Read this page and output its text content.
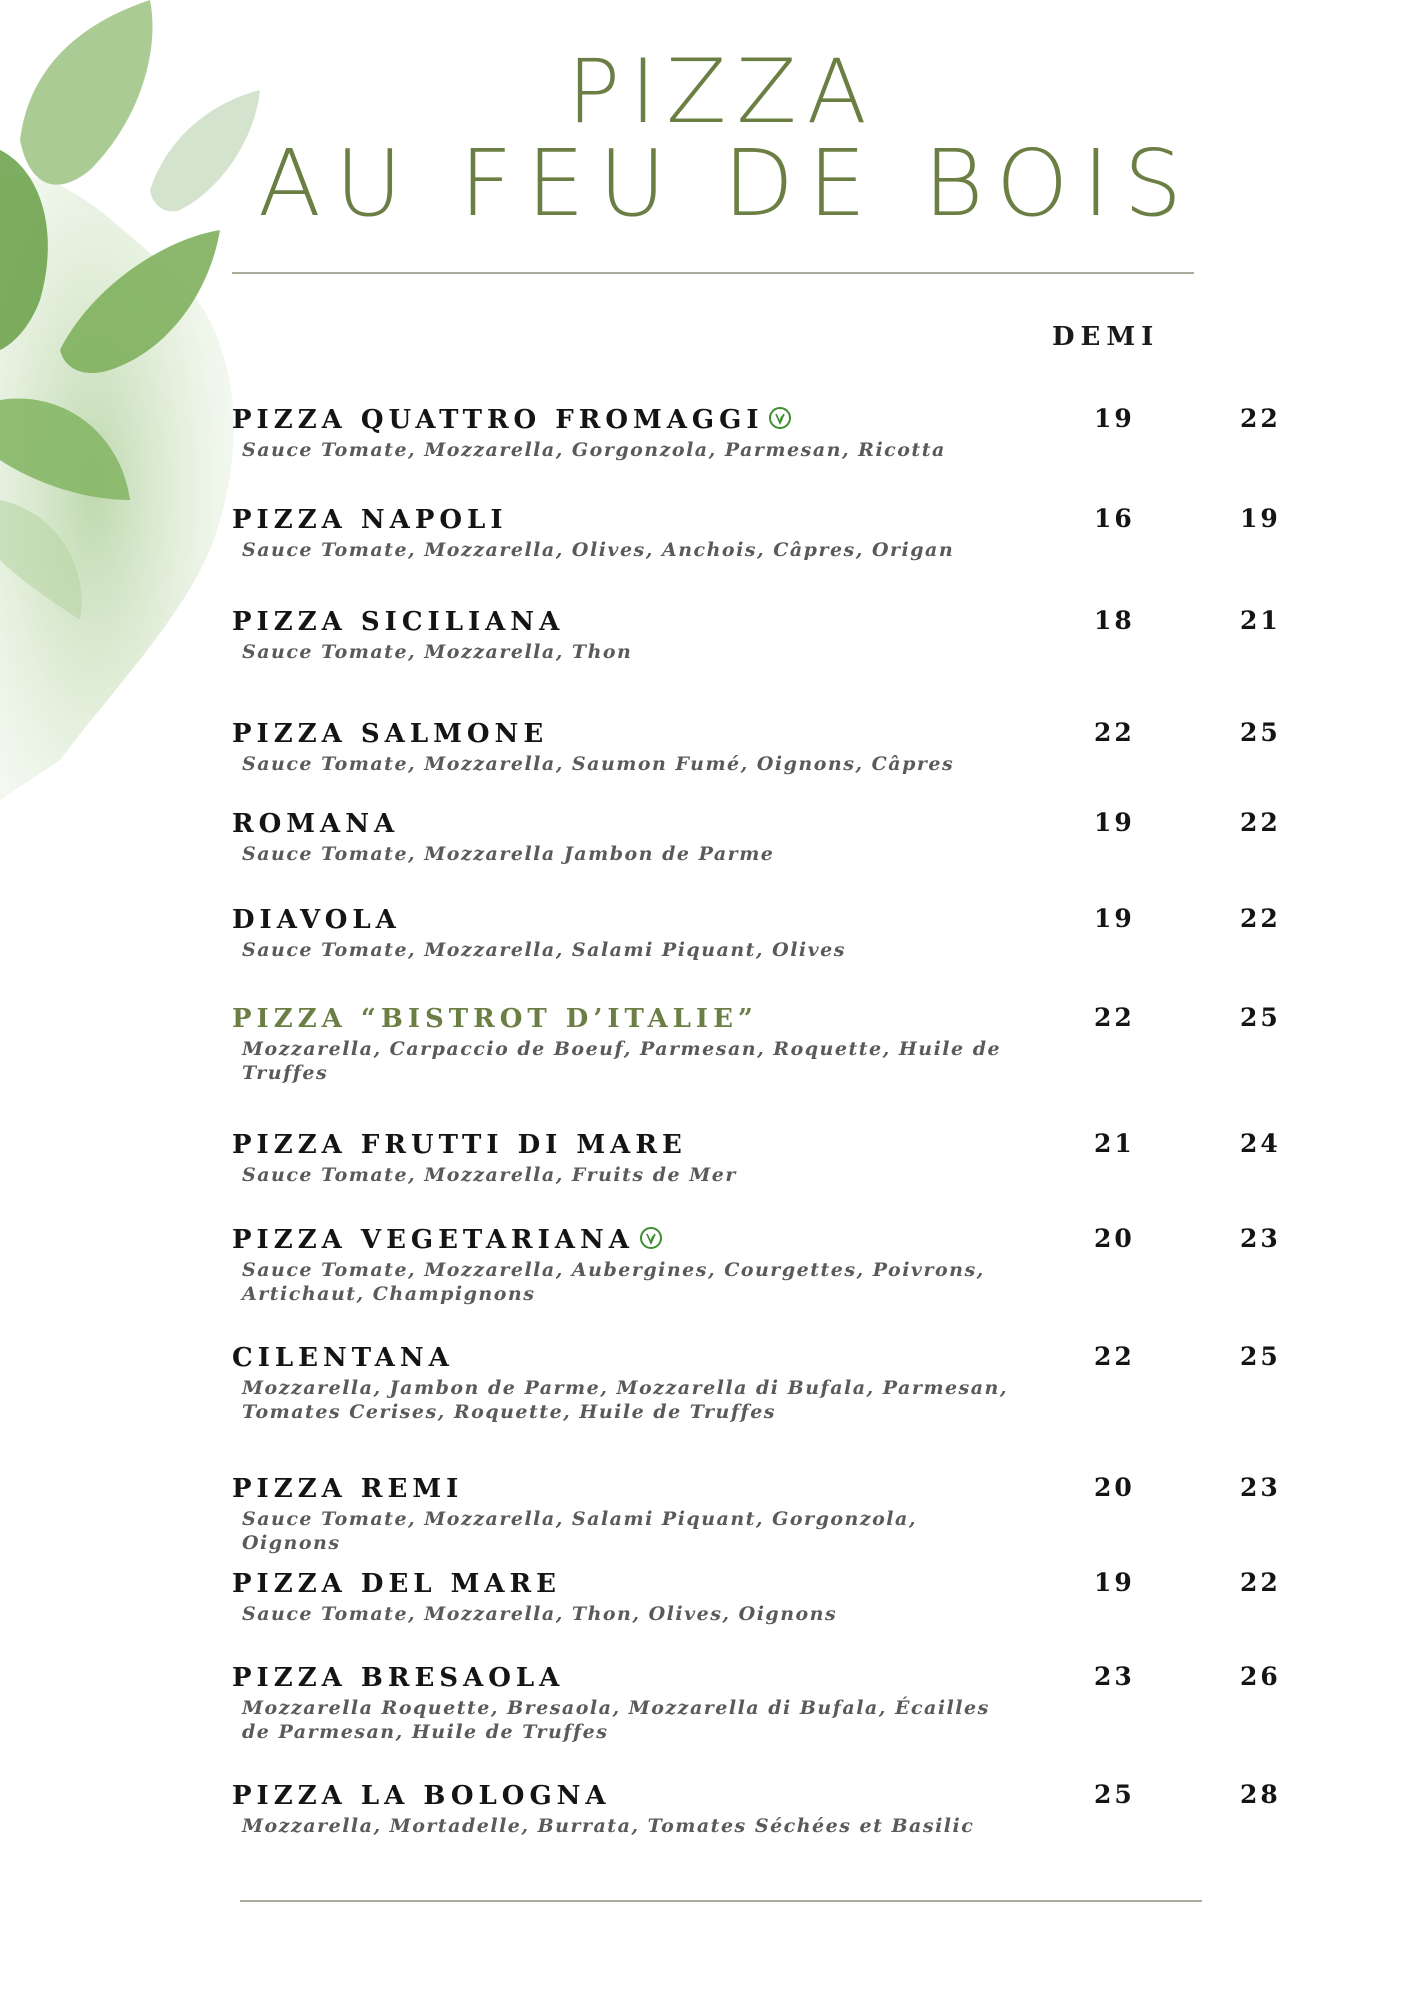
PIZZA
AU FEU DE BOIS
DEMI
PIZZA QUATTRO FROMAGGI
Sauce Tomate, Mozzarella, Gorgonzola, Parmesan, Ricotta
19	22
PIZZA NAPOLI
Sauce Tomate, Mozzarella, Olives, Anchois, Câpres, Origan
16	19
PIZZA SICILIANA
Sauce Tomate, Mozzarella, Thon
18	21
PIZZA SALMONE
Sauce Tomate, Mozzarella, Saumon Fumé, Oignons, Câpres
22	25
ROMANA
Sauce Tomate, Mozzarella Jambon de Parme
19	22
DIAVOLA
Sauce Tomate, Mozzarella, Salami Piquant, Olives
19	22
PIZZA “BISTROT D’ITALIE”
Mozzarella, Carpaccio de Boeuf, Parmesan, Roquette, Huile de Truffes
22	25
PIZZA FRUTTI DI MARE
Sauce Tomate, Mozzarella, Fruits de Mer
21	24
PIZZA VEGETARIANA
Sauce Tomate, Mozzarella, Aubergines, Courgettes, Poivrons, Artichaut, Champignons
20	23
CILENTANA
Mozzarella, Jambon de Parme, Mozzarella di Bufala, Parmesan, Tomates Cerises, Roquette, Huile de Truffes
22	25
PIZZA REMI
Sauce Tomate, Mozzarella, Salami Piquant, Gorgonzola, Oignons
20	23
PIZZA DEL MARE
Sauce Tomate, Mozzarella, Thon, Olives, Oignons
19	22
PIZZA BRESAOLA
Mozzarella Roquette, Bresaola, Mozzarella di Bufala, Écailles de Parmesan, Huile de Truffes
23	26
PIZZA LA BOLOGNA
Mozzarella, Mortadelle, Burrata, Tomates Séchées et Basilic
25	28
